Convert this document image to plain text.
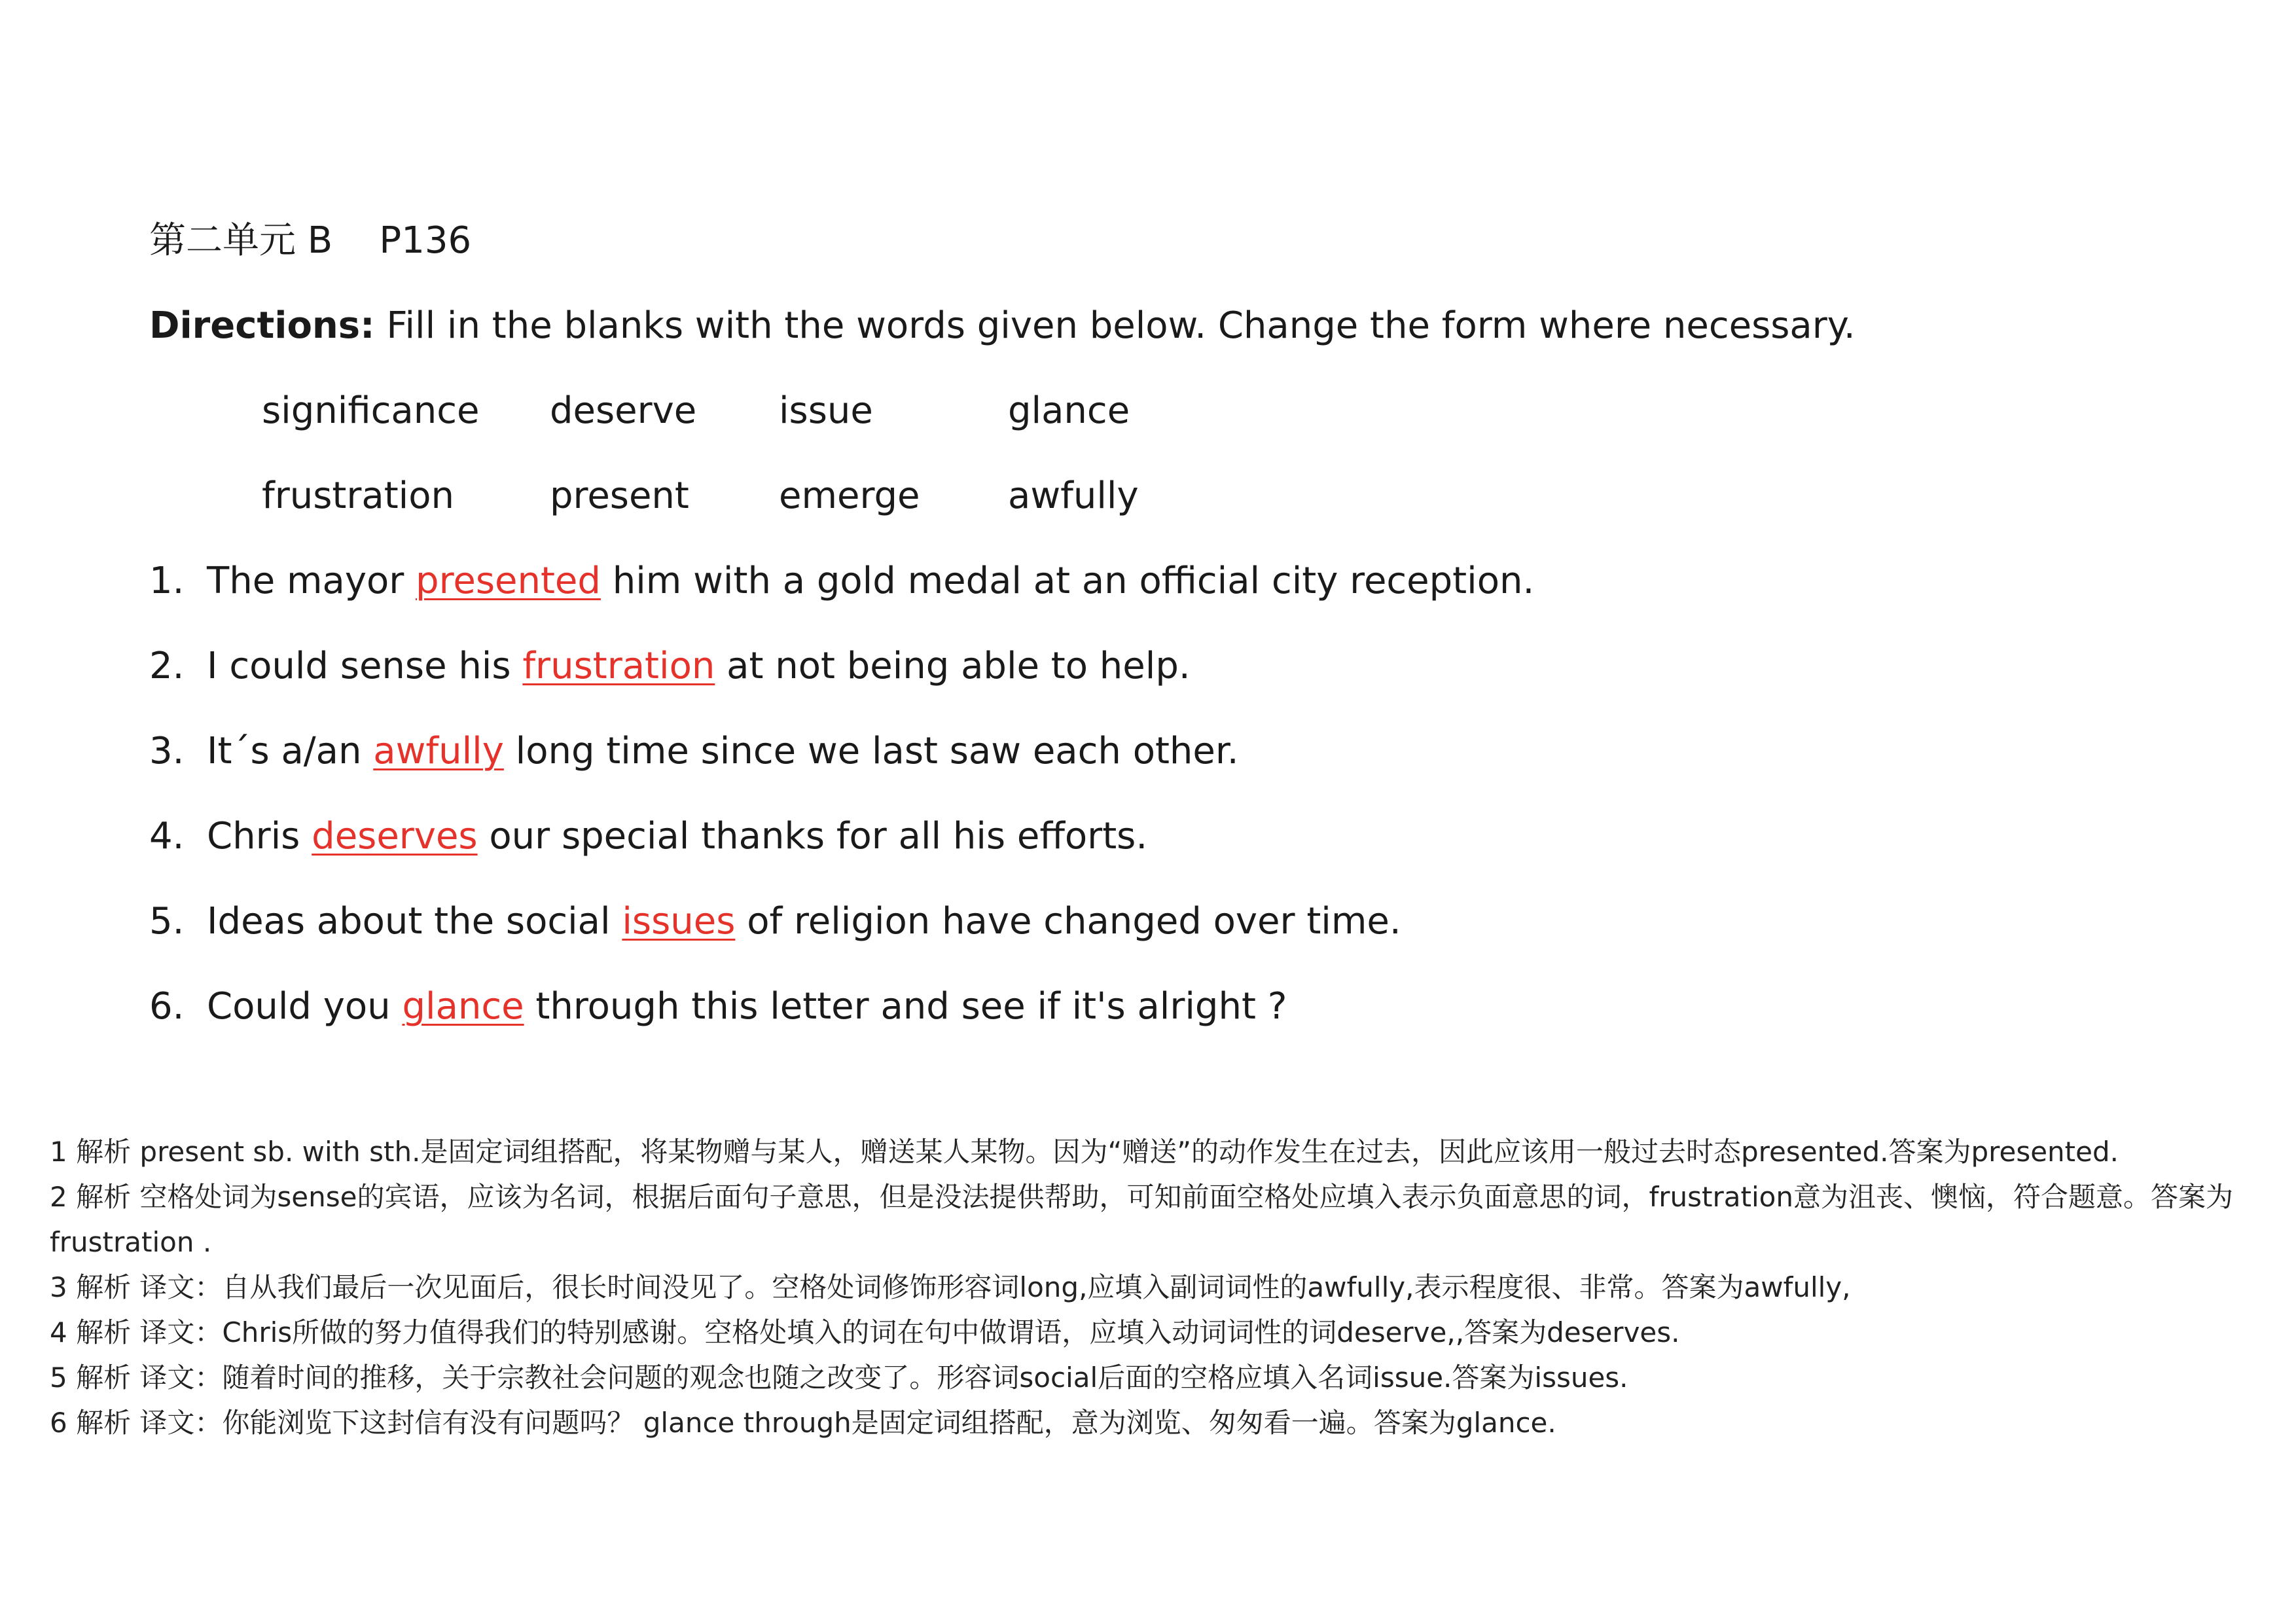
第二单元 B    P136
Directions: Fill in the blanks with the words given below. Change the form where necessary.
significance deserve issue	glance
frustration	present emerge awfully
1. The mayor presented him with a gold medal at an official city reception.
2. I could sense his frustration at not being able to help.
3. It´s a/an awfully long time since we last saw each other.
4. Chris deserves our special thanks for all his efforts.
5. Ideas about the social issues of religion have changed over time.
6. Could you glance through this letter and see if it's alright ?
1 解析 present sb. with sth.是固定词组搭配，将某物赠与某人，赠送某人某物。因为“赠送”的动作发生在过去，因此应该用一般过去时态presented.答案为presented.
2 解析 空格处词为sense的宾语，应该为名词，根据后面句子意思，但是没法提供帮助，可知前面空格处应填入表示负面意思的词，frustration意为沮丧、懊恼，符合题意。答案为 frustration .
3 解析 译文：自从我们最后一次见面后，很长时间没见了。空格处词修饰形容词long,应填入副词词性的awfully,表示程度很、非常。答案为awfully,
4 解析 译文：Chris所做的努力值得我们的特别感谢。空格处填入的词在句中做谓语，应填入动词词性的词deserve,,答案为deserves.
5 解析 译文：随着时间的推移，关于宗教社会问题的观念也随之改变了。形容词social后面的空格应填入名词issue.答案为issues.
6 解析 译文：你能浏览下这封信有没有问题吗？ glance through是固定词组搭配，意为浏览、匆匆看一遍。答案为glance.
